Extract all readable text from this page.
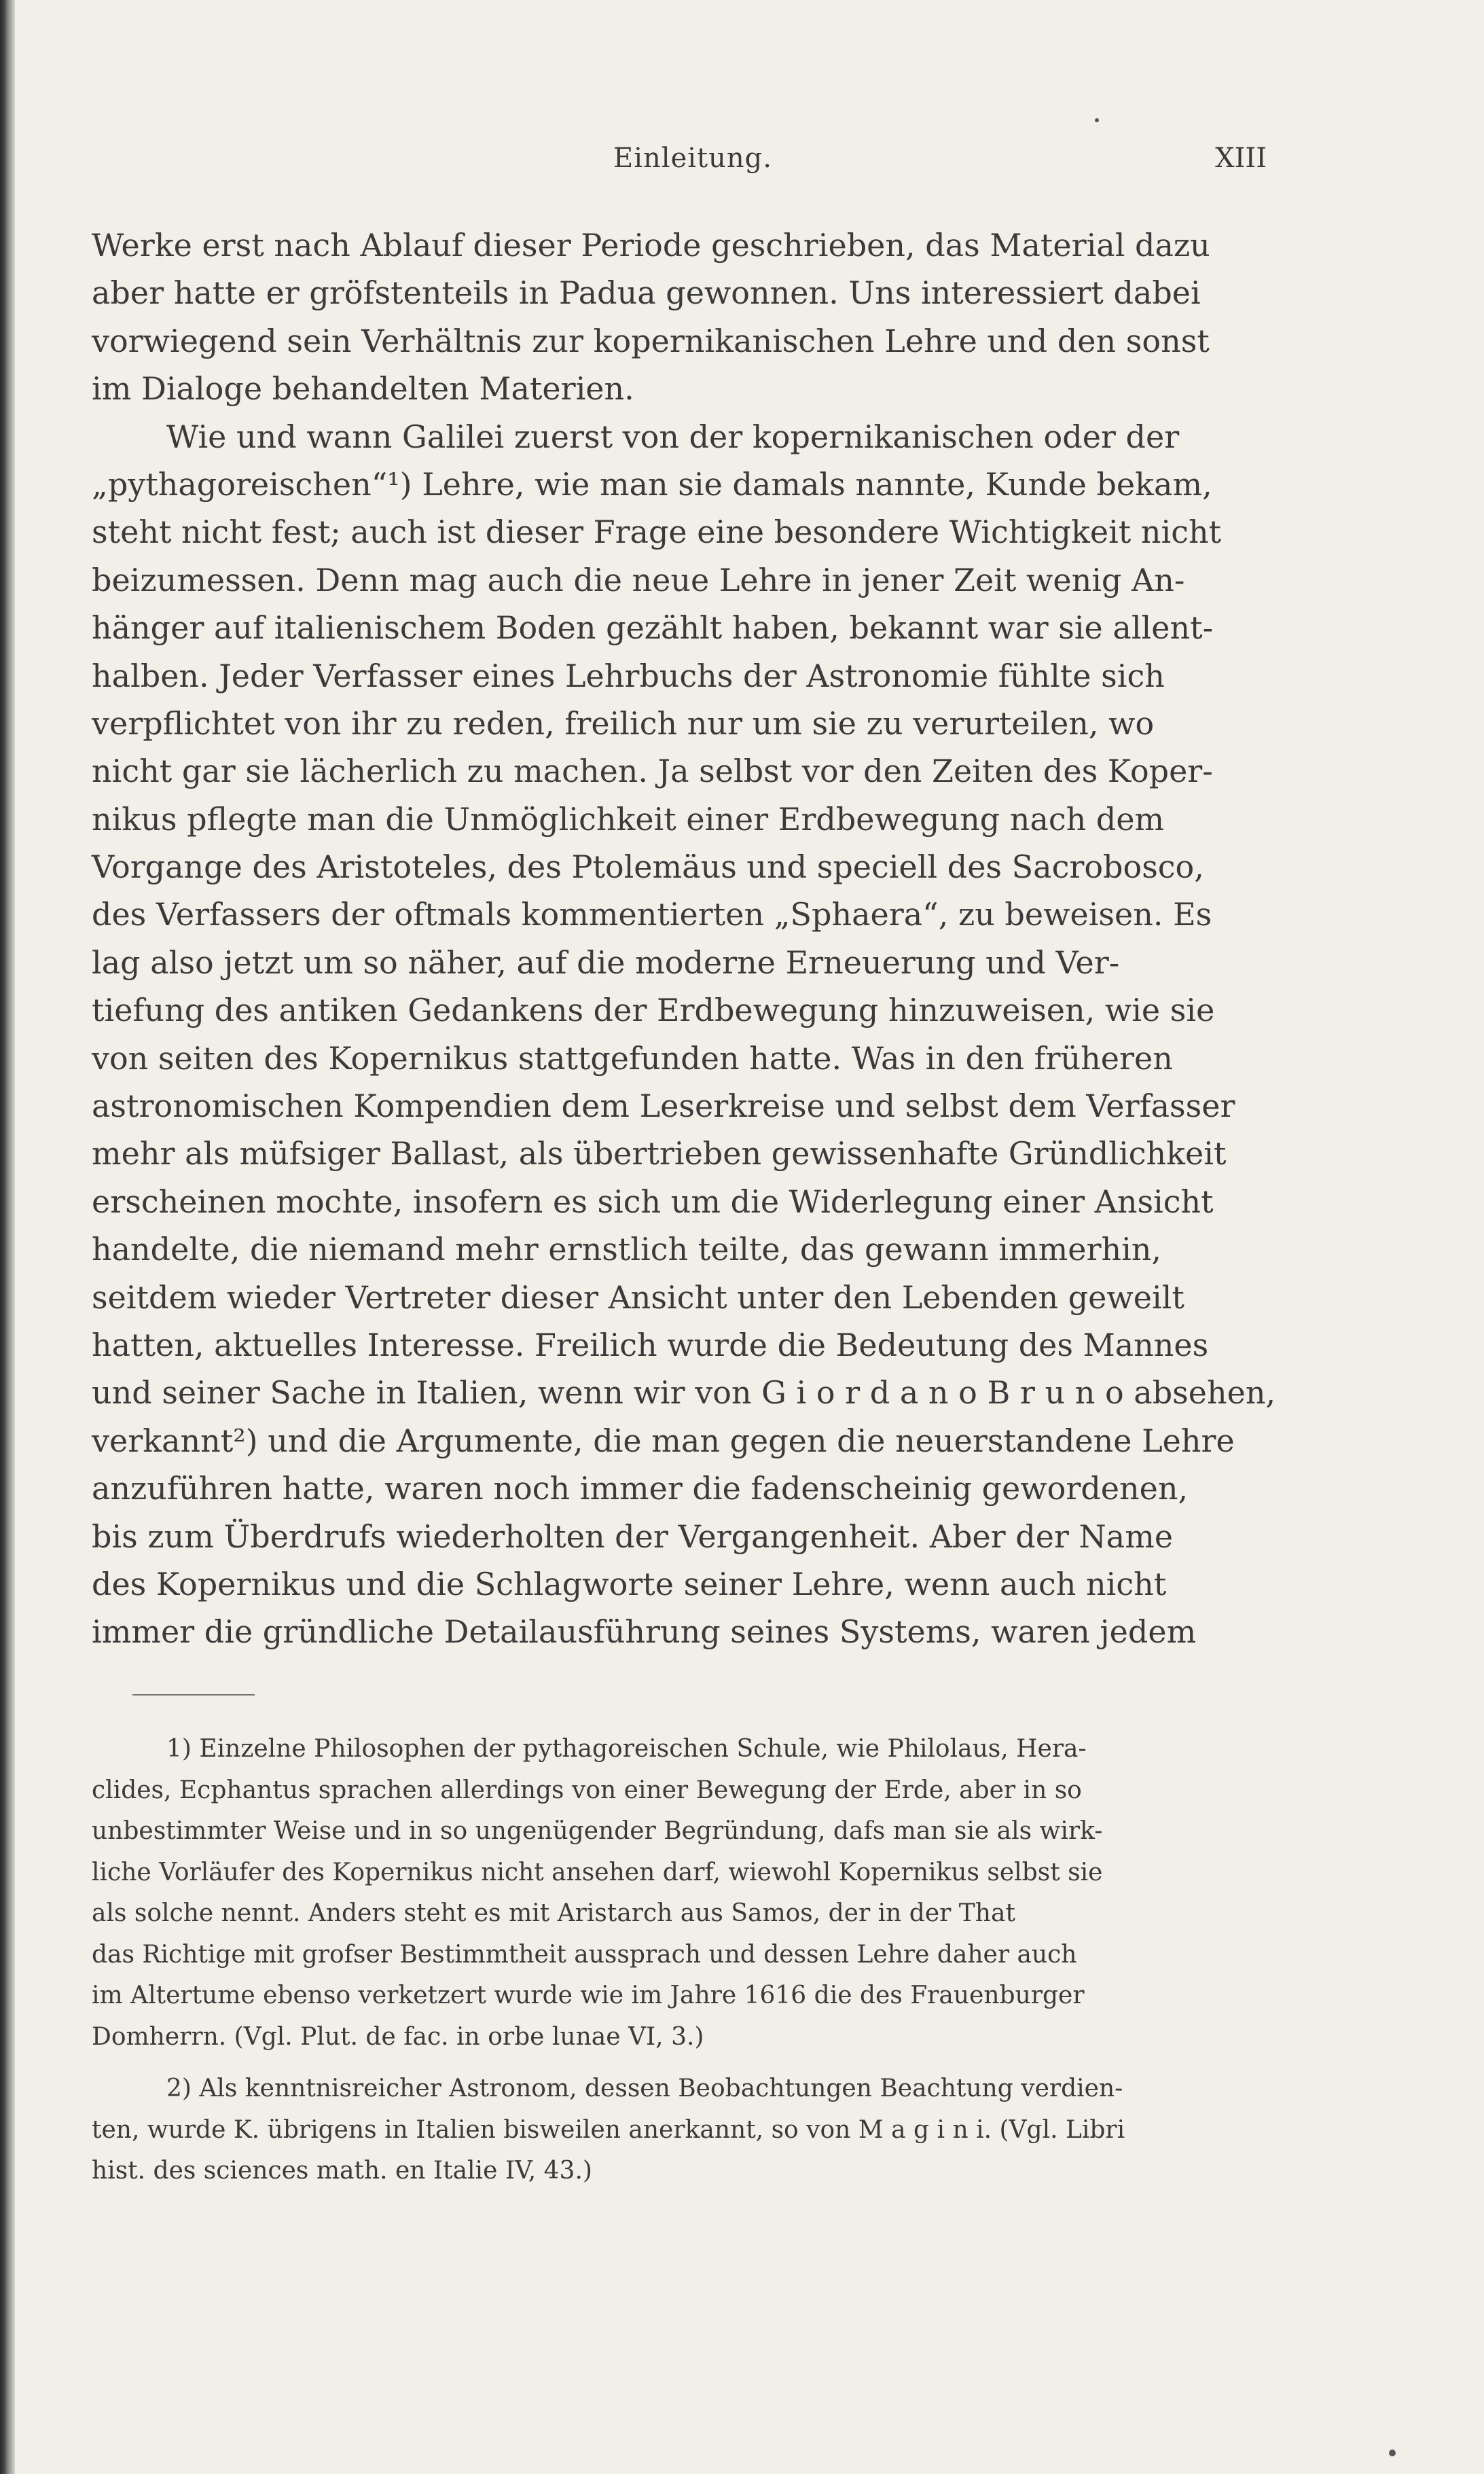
Einleitung.	XIII
Werke erst nach Ablauf dieser Periode geschrieben, das Material dazu
aber hatte er gröfstenteils in Padua gewonnen. Uns interessiert dabei
vorwiegend sein Verhältnis zur kopernikanischen Lehre und den sonst
im Dialoge behandelten Materien.
Wie und wann Galilei zuerst von der kopernikanischen oder der
„pythagoreischen“¹) Lehre, wie man sie damals nannte, Kunde bekam,
steht nicht fest; auch ist dieser Frage eine besondere Wichtigkeit nicht
beizumessen. Denn mag auch die neue Lehre in jener Zeit wenig An-
hänger auf italienischem Boden gezählt haben, bekannt war sie allent-
halben. Jeder Verfasser eines Lehrbuchs der Astronomie fühlte sich
verpflichtet von ihr zu reden, freilich nur um sie zu verurteilen, wo
nicht gar sie lächerlich zu machen. Ja selbst vor den Zeiten des Koper-
nikus pflegte man die Unmöglichkeit einer Erdbewegung nach dem
Vorgange des Aristoteles, des Ptolemäus und speciell des Sacrobosco,
des Verfassers der oftmals kommentierten „Sphaera“, zu beweisen. Es
lag also jetzt um so näher, auf die moderne Erneuerung und Ver-
tiefung des antiken Gedankens der Erdbewegung hinzuweisen, wie sie
von seiten des Kopernikus stattgefunden hatte. Was in den früheren
astronomischen Kompendien dem Leserkreise und selbst dem Verfasser
mehr als müfsiger Ballast, als übertrieben gewissenhafte Gründlichkeit
erscheinen mochte, insofern es sich um die Widerlegung einer Ansicht
handelte, die niemand mehr ernstlich teilte, das gewann immerhin,
seitdem wieder Vertreter dieser Ansicht unter den Lebenden geweilt
hatten, aktuelles Interesse. Freilich wurde die Bedeutung des Mannes
und seiner Sache in Italien, wenn wir von G i o r d a n o B r u n o absehen,
verkannt²) und die Argumente, die man gegen die neuerstandene Lehre
anzuführen hatte, waren noch immer die fadenscheinig gewordenen,
bis zum Überdrufs wiederholten der Vergangenheit. Aber der Name
des Kopernikus und die Schlagworte seiner Lehre, wenn auch nicht
immer die gründliche Detailausführung seines Systems, waren jedem
1) Einzelne Philosophen der pythagoreischen Schule, wie Philolaus, Hera-
clides, Ecphantus sprachen allerdings von einer Bewegung der Erde, aber in so
unbestimmter Weise und in so ungenügender Begründung, dafs man sie als wirk-
liche Vorläufer des Kopernikus nicht ansehen darf, wiewohl Kopernikus selbst sie
als solche nennt. Anders steht es mit Aristarch aus Samos, der in der That
das Richtige mit grofser Bestimmtheit aussprach und dessen Lehre daher auch
im Altertume ebenso verketzert wurde wie im Jahre 1616 die des Frauenburger
Domherrn. (Vgl. Plut. de fac. in orbe lunae VI, 3.)
2) Als kenntnisreicher Astronom, dessen Beobachtungen Beachtung verdien-
ten, wurde K. übrigens in Italien bisweilen anerkannt, so von M a g i n i. (Vgl. Libri
hist. des sciences math. en Italie IV, 43.)
